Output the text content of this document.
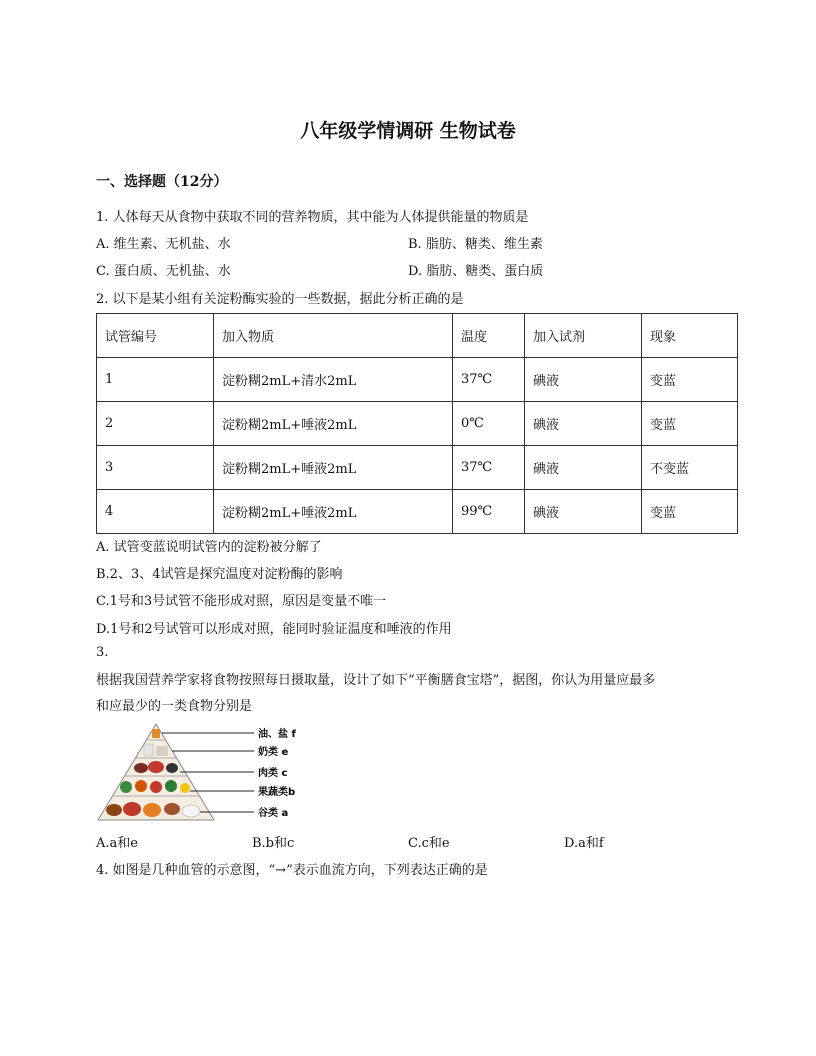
八年级学情调研 生物试卷
一、选择题（12分）
1. 人体每天从食物中获取不同的营养物质，其中能为人体提供能量的物质是
A. 维生素、无机盐、水	B. 脂肪、糖类、维生素
C. 蛋白质、无机盐、水	D. 脂肪、糖类、蛋白质
2. 以下是某小组有关淀粉酶实验的一些数据，据此分析正确的是
试管编号	加入物质	温度	加入试剂	现象
1	淀粉糊2mL+清水2mL	37℃	碘液	变蓝
2	淀粉糊2mL+唾液2mL	0℃	碘液	变蓝
3	淀粉糊2mL+唾液2mL	37℃	碘液	不变蓝
4	淀粉糊2mL+唾液2mL	99℃	碘液	变蓝
A. 试管变蓝说明试管内的淀粉被分解了
B.2、3、4试管是探究温度对淀粉酶的影响
C.1号和3号试管不能形成对照，原因是变量不唯一
D.1号和2号试管可以形成对照，能同时验证温度和唾液的作用
3.
根据我国营养学家将食物按照每日摄取量，设计了如下“平衡膳食宝塔”，据图，你认为用量应最多
和应最少的一类食物分别是
油、盐 f
奶类 e
肉类 c
果蔬类b
谷类 a
A.a和e	B.b和c	C.c和e	D.a和f
4. 如图是几种血管的示意图，“→”表示血流方向，下列表达正确的是
